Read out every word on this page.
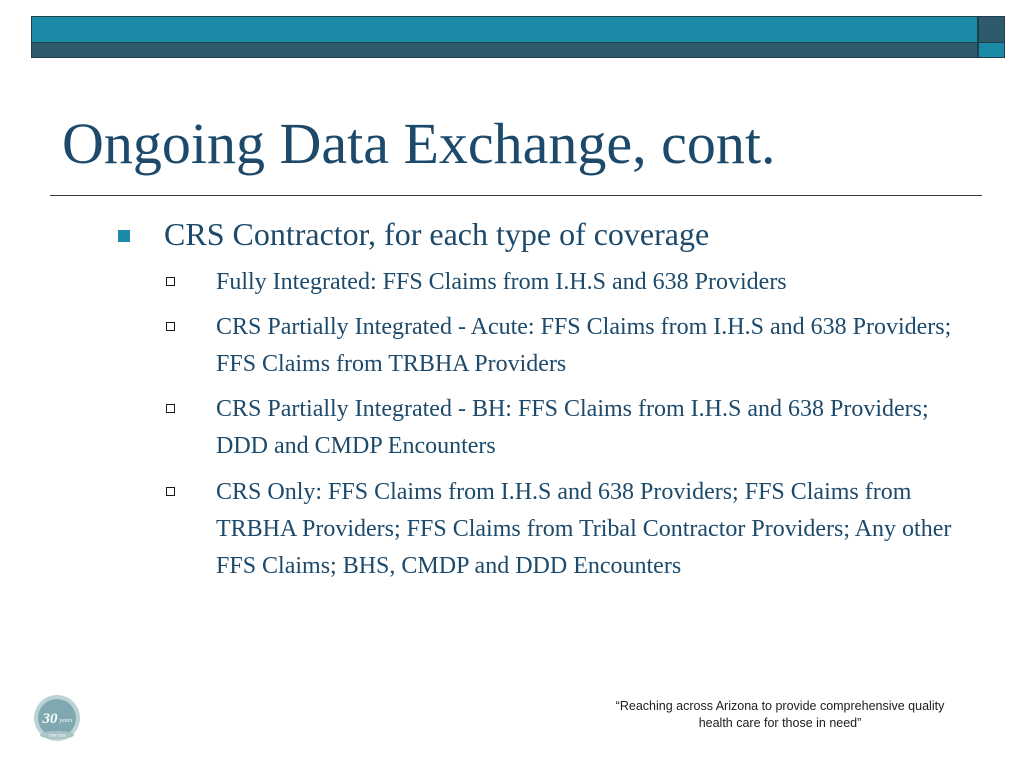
Ongoing Data Exchange, cont.
CRS Contractor, for each type of coverage
Fully Integrated: FFS Claims from I.H.S and 638 Providers
CRS Partially Integrated - Acute: FFS Claims from I.H.S and 638 Providers; FFS Claims from TRBHA Providers
CRS Partially Integrated - BH: FFS Claims from I.H.S and 638 Providers; DDD and CMDP Encounters
CRS Only: FFS Claims from I.H.S and 638 Providers; FFS Claims from TRBHA Providers; FFS Claims from Tribal Contractor Providers; Any other FFS Claims; BHS, CMDP and DDD Encounters
30 years
1988 2018
“Reaching across Arizona to provide comprehensive quality
health care for those in need”
